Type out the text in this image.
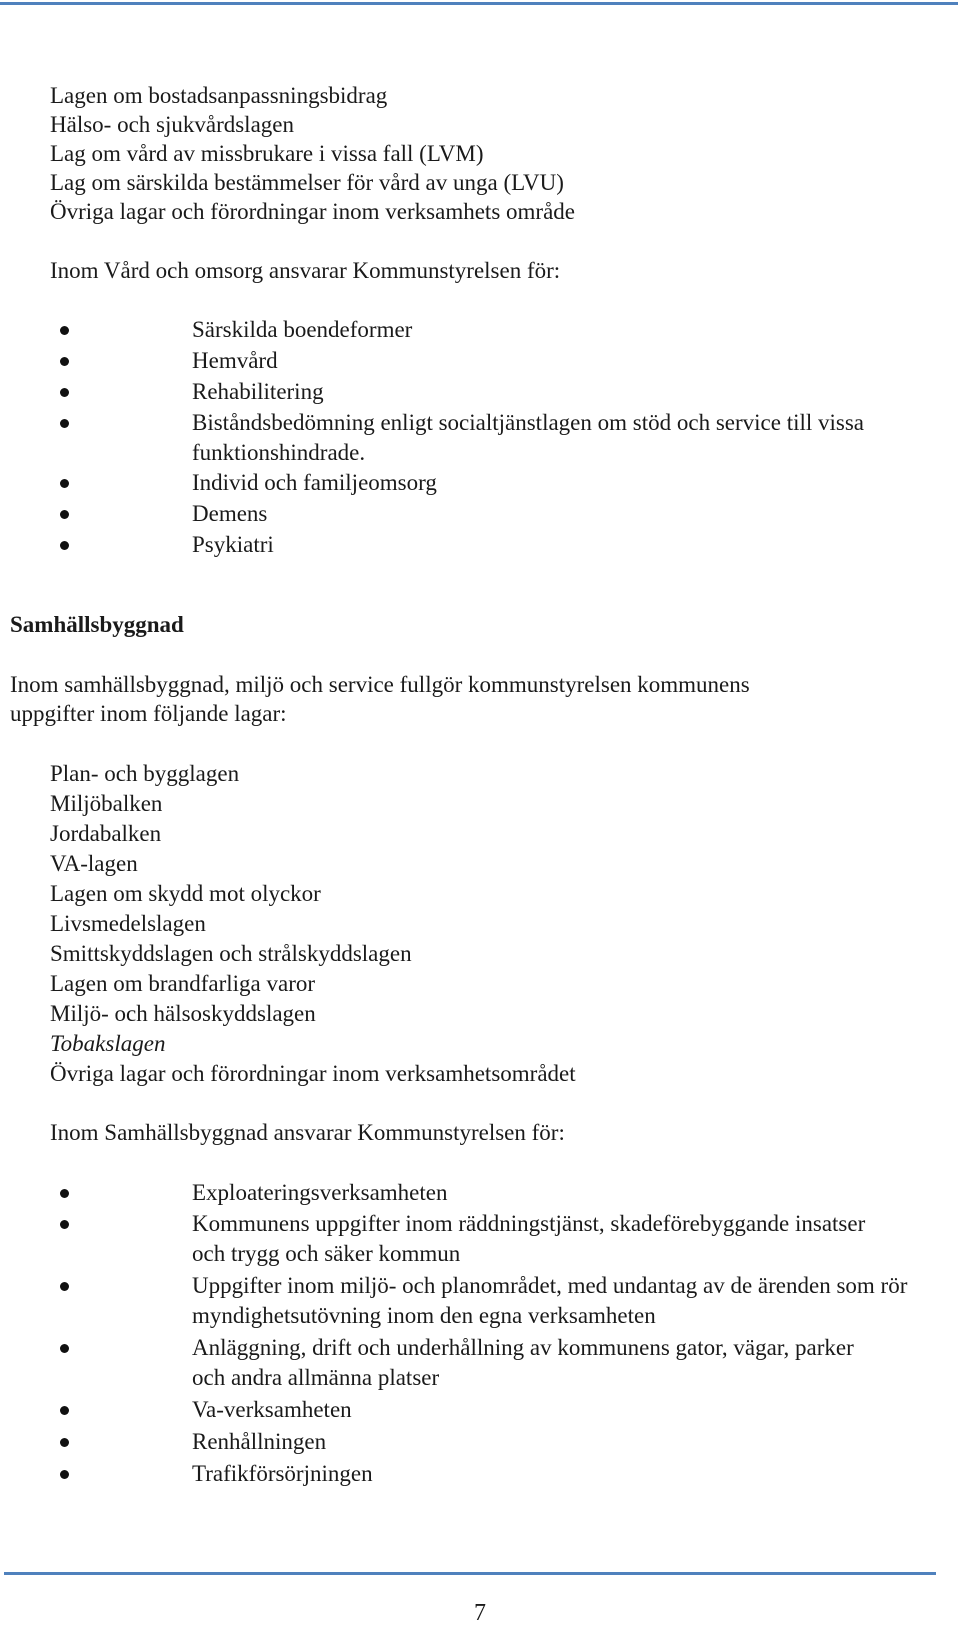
Lagen om bostadsanpassningsbidrag
Hälso- och sjukvårdslagen
Lag om vård av missbrukare i vissa fall (LVM)
Lag om särskilda bestämmelser för vård av unga (LVU)
Övriga lagar och förordningar inom verksamhets område
Inom Vård och omsorg ansvarar Kommunstyrelsen för:
Särskilda boendeformer
Hemvård
Rehabilitering
Biståndsbedömning enligt socialtjänstlagen om stöd och service till vissa funktionshindrade.
Individ och familjeomsorg
Demens
Psykiatri
Samhällsbyggnad
Inom samhällsbyggnad, miljö och service fullgör kommunstyrelsen kommunens
uppgifter inom följande lagar:
Plan- och bygglagen
Miljöbalken
Jordabalken
VA-lagen
Lagen om skydd mot olyckor
Livsmedelslagen
Smittskyddslagen och strålskyddslagen
Lagen om brandfarliga varor
Miljö- och hälsoskyddslagen
Tobakslagen
Övriga lagar och förordningar inom verksamhetsområdet
Inom Samhällsbyggnad ansvarar Kommunstyrelsen för:
Exploateringsverksamheten
Kommunens uppgifter inom räddningstjänst, skadeförebyggande insatser och trygg och säker kommun
Uppgifter inom miljö- och planområdet, med undantag av de ärenden som rör myndighetsutövning inom den egna verksamheten
Anläggning, drift och underhållning av kommunens gator, vägar, parker och andra allmänna platser
Va-verksamheten
Renhållningen
Trafikförsörjningen
7
